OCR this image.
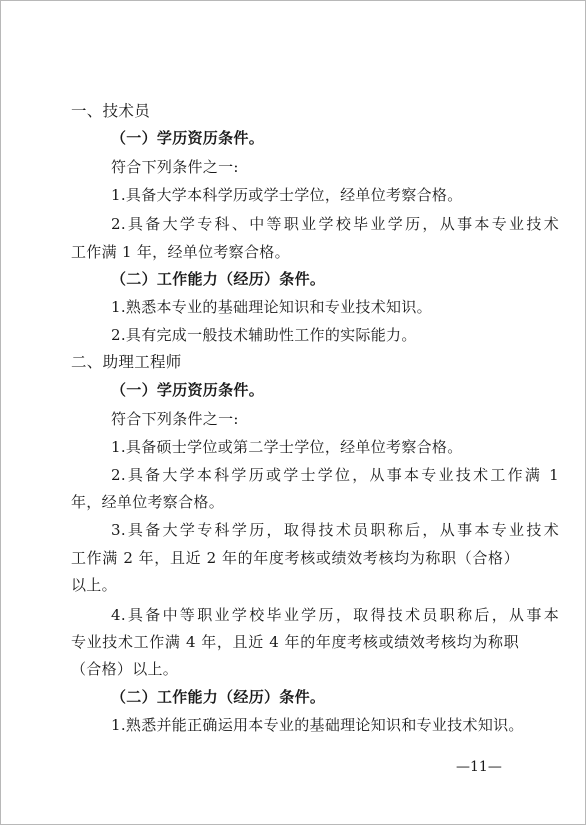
一、技术员

（一）学历资历条件。

符合下列条件之一:

1.具备大学本科学历或学士学位，经单位考察合格。

2.具备大学专科、中等职业学校毕业学历，从事本专业技术

工作满 1 年，经单位考察合格。

（二）工作能力（经历）条件。

1.熟悉本专业的基础理论知识和专业技术知识。

2.具有完成一般技术辅助性工作的实际能力。

二、助理工程师

（一）学历资历条件。

符合下列条件之一:

1.具备硕士学位或第二学士学位，经单位考察合格。

2.具备大学本科学历或学士学位，从事本专业技术工作满 1

年，经单位考察合格。

3.具备大学专科学历，取得技术员职称后，从事本专业技术

工作满 2 年，且近 2 年的年度考核或绩效考核均为称职（合格）

以上。

4.具备中等职业学校毕业学历，取得技术员职称后，从事本

专业技术工作满 4 年，且近 4 年的年度考核或绩效考核均为称职

（合格）以上。

（二）工作能力（经历）条件。

1.熟悉并能正确运用本专业的基础理论知识和专业技术知识。

—11—
